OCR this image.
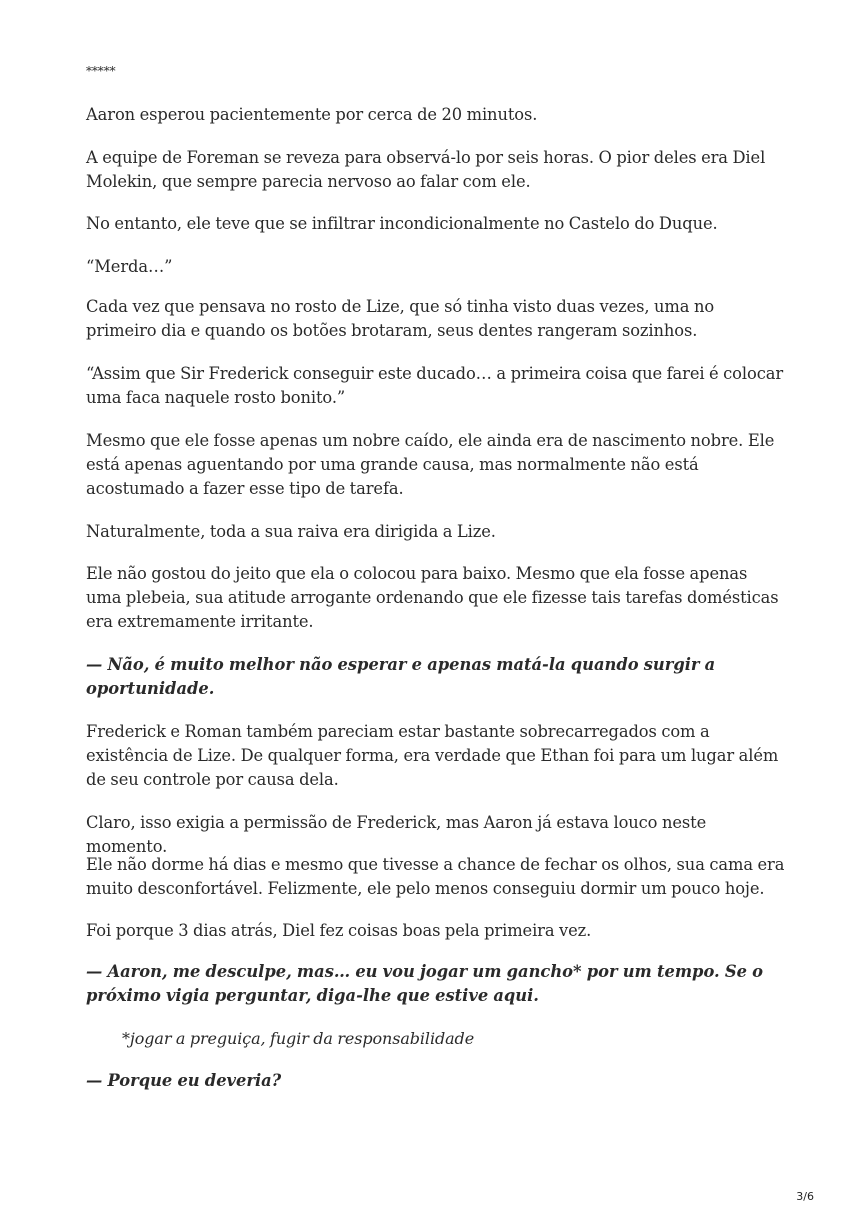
*****

Aaron esperou pacientemente por cerca de 20 minutos.

A equipe de Foreman se reveza para observá-lo por seis horas. O pior deles era Diel Molekin, que sempre parecia nervoso ao falar com ele.

No entanto, ele teve que se infiltrar incondicionalmente no Castelo do Duque.

“Merda…”

Cada vez que pensava no rosto de Lize, que só tinha visto duas vezes, uma no primeiro dia e quando os botões brotaram, seus dentes rangeram sozinhos.

“Assim que Sir Frederick conseguir este ducado… a primeira coisa que farei é colocar uma faca naquele rosto bonito.”

Mesmo que ele fosse apenas um nobre caído, ele ainda era de nascimento nobre. Ele está apenas aguentando por uma grande causa, mas normalmente não está acostumado a fazer esse tipo de tarefa.

Naturalmente, toda a sua raiva era dirigida a Lize.

Ele não gostou do jeito que ela o colocou para baixo. Mesmo que ela fosse apenas uma plebeia, sua atitude arrogante ordenando que ele fizesse tais tarefas domésticas era extremamente irritante.

— Não, é muito melhor não esperar e apenas matá-la quando surgir a oportunidade.

Frederick e Roman também pareciam estar bastante sobrecarregados com a existência de Lize. De qualquer forma, era verdade que Ethan foi para um lugar além de seu controle por causa dela.

Claro, isso exigia a permissão de Frederick, mas Aaron já estava louco neste momento.

Ele não dorme há dias e mesmo que tivesse a chance de fechar os olhos, sua cama era muito desconfortável. Felizmente, ele pelo menos conseguiu dormir um pouco hoje.

Foi porque 3 dias atrás, Diel fez coisas boas pela primeira vez.

— Aaron, me desculpe, mas… eu vou jogar um gancho* por um tempo. Se o próximo vigia perguntar, diga-lhe que estive aqui.

*jogar a preguiça, fugir da responsabilidade

— Porque eu deveria?

3/6
